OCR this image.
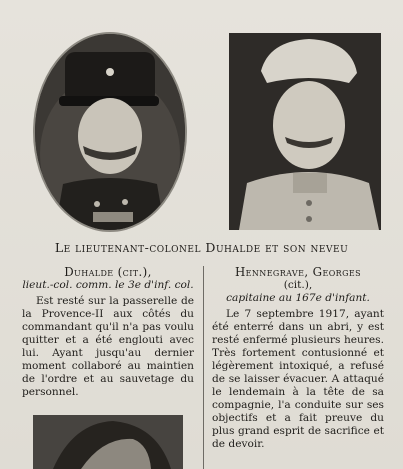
Le lieutenant-colonel Duhalde et son neveu
Duhalde (cit.),
lieut.-col. comm. le 3e d'inf. col.
Est resté sur la passerelle de la Provence-II aux côtés du commandant qu'il n'a pas voulu quitter et a été englouti avec lui. Ayant jusqu'au dernier moment collaboré au maintien de l'ordre et au sauvetage du personnel.
Hennegrave, Georges
(cit.),
capitaine au 167e d'infant.
Le 7 septembre 1917, ayant été enterré dans un abri, y est resté enfermé plusieurs heures. Très fortement contusionné et légèrement intoxiqué, a refusé de se laisser évacuer. A attaqué le lendemain à la tête de sa compagnie, l'a conduite sur ses objectifs et a fait preuve du plus grand esprit de sacrifice et de devoir.
